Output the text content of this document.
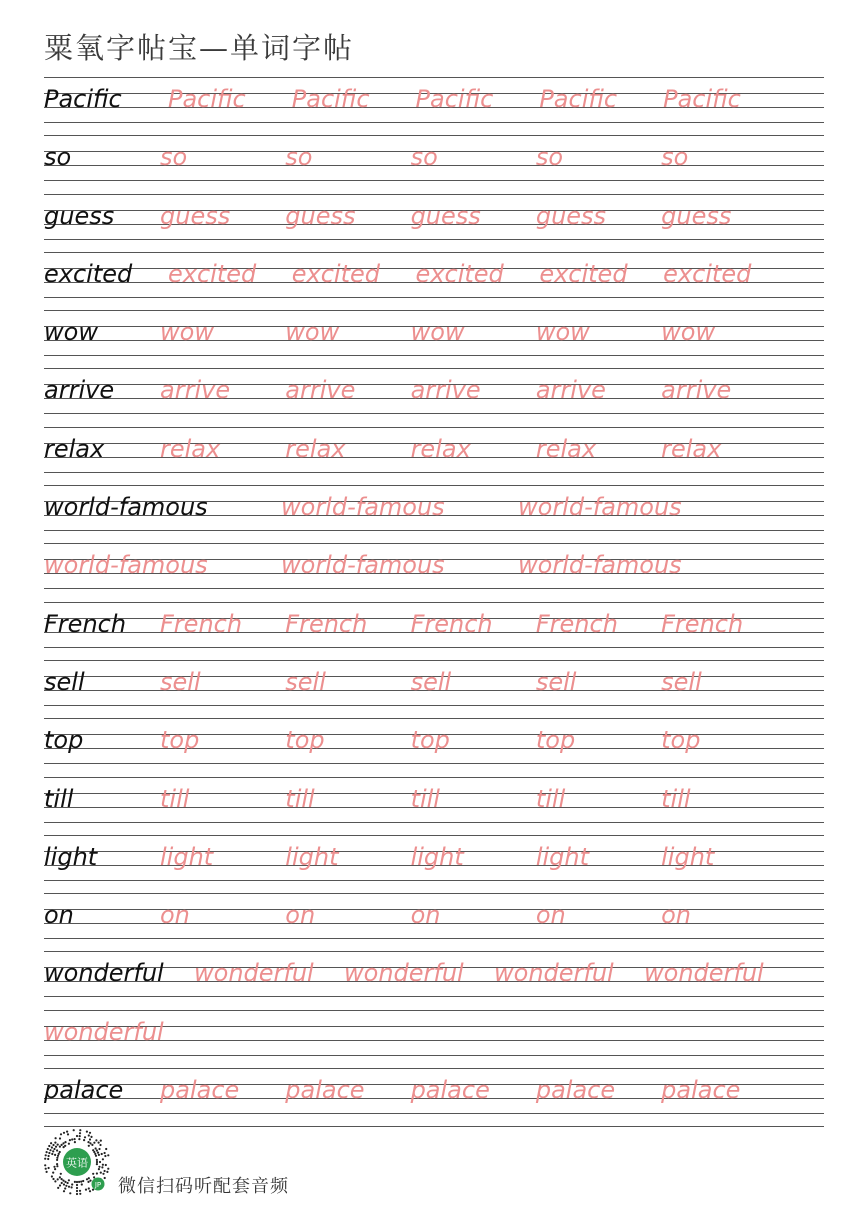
粟氧字帖宝—单词字帖
Pacific Pacific Pacific Pacific Pacific Pacific
so	so	so	so	so	so
guess guess guess guess guess guess
excited excited excited excited excited excited
wow	wow	wow	wow	wow	wow
arrive arrive arrive arrive arrive arrive
relax relax	relax	relax	relax	relax
world-famous	world-famous	world-famous
world-famous	world-famous	world-famous
French French French French French French
sell	sell	sell	sell	sell	sell
top	top	top	top	top	top
till	till	till	till	till	till
light	light	light	light	light	light
on	on	on	on	on	on
wonderful wonderful wonderful wonderful wonderful
wonderful
palace palace palace palace palace palace
英语
JP 微信扫码听配套音频
